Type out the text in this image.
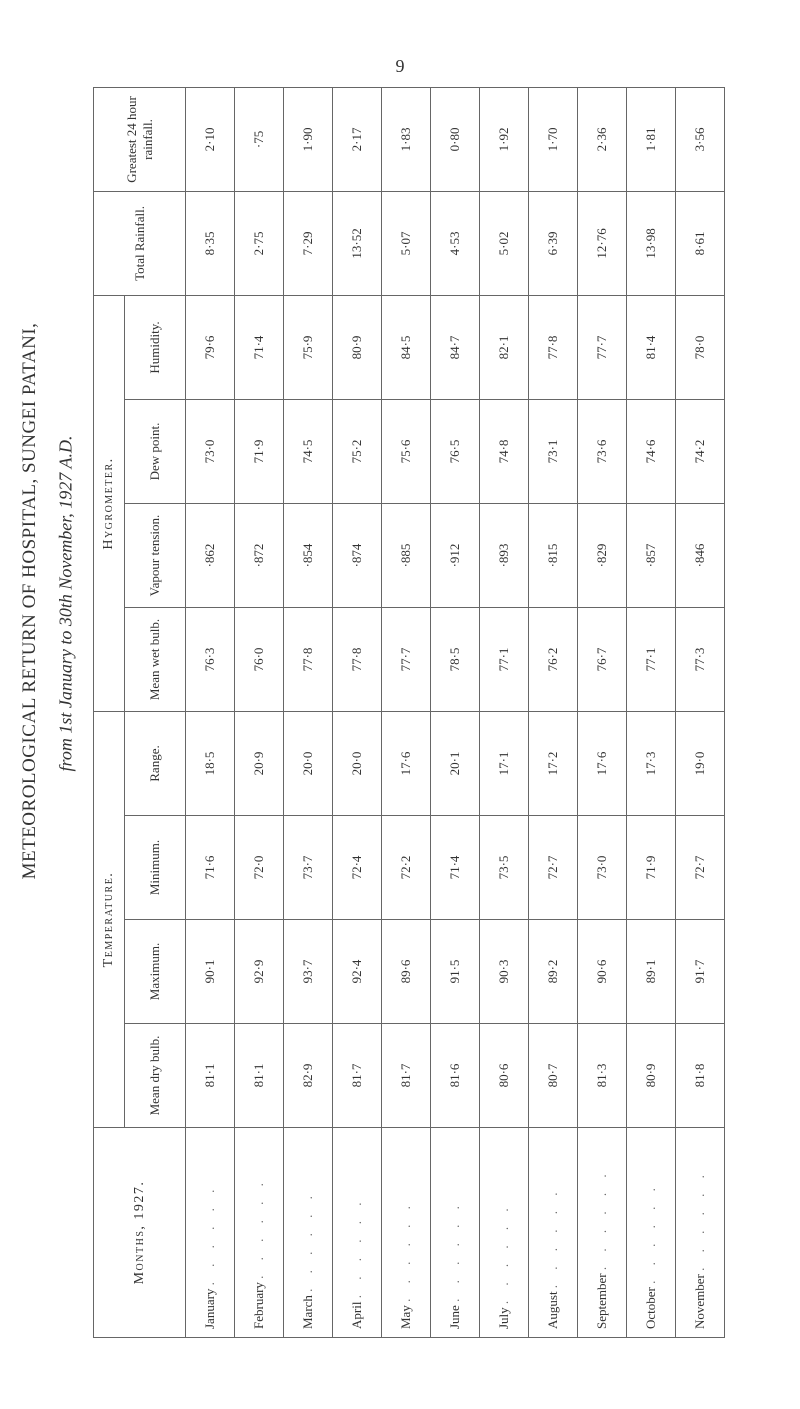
9
METEOROLOGICAL RETURN OF HOSPITAL, SUNGEI PATANI, from 1st January to 30th November, 1927 A.D.
Months, 1927.	Temperature.				Hygrometer.				Total Rainfall.	Greatest 24 hour rainfall.
	Mean dry bulb.	Maximum.	Minimum.	Range.	Mean wet bulb.	Vapour tension.	Dew point.	Humidity.		
January . . . . . .	81·1	90·1	71·6	18·5	76·3	·862	73·0	79·6	8·35	2·10
February . . . . . .	81·1	92·9	72·0	20·9	76·0	·872	71·9	71·4	2·75	·75
March . . . . . .	82·9	93·7	73·7	20·0	77·8	·854	74·5	75·9	7·29	1·90
April . . . . . .	81·7	92·4	72·4	20·0	77·8	·874	75·2	80·9	13·52	2·17
May . . . . . .	81·7	89·6	72·2	17·6	77·7	·885	75·6	84·5	5·07	1·83
June . . . . . .	81·6	91·5	71·4	20·1	78·5	·912	76·5	84·7	4·53	0·80
July . . . . . .	80·6	90·3	73·5	17·1	77·1	·893	74·8	82·1	5·02	1·92
August . . . . . .	80·7	89·2	72·7	17·2	76·2	·815	73·1	77·8	6·39	1·70
September . . . . . .	81·3	90·6	73·0	17·6	76·7	·829	73·6	77·7	12·76	2·36
October . . . . . .	80·9	89·1	71·9	17·3	77·1	·857	74·6	81·4	13·98	1·81
November . . . . . .	81·8	91·7	72·7	19·0	77·3	·846	74·2	78·0	8·61	3·56
